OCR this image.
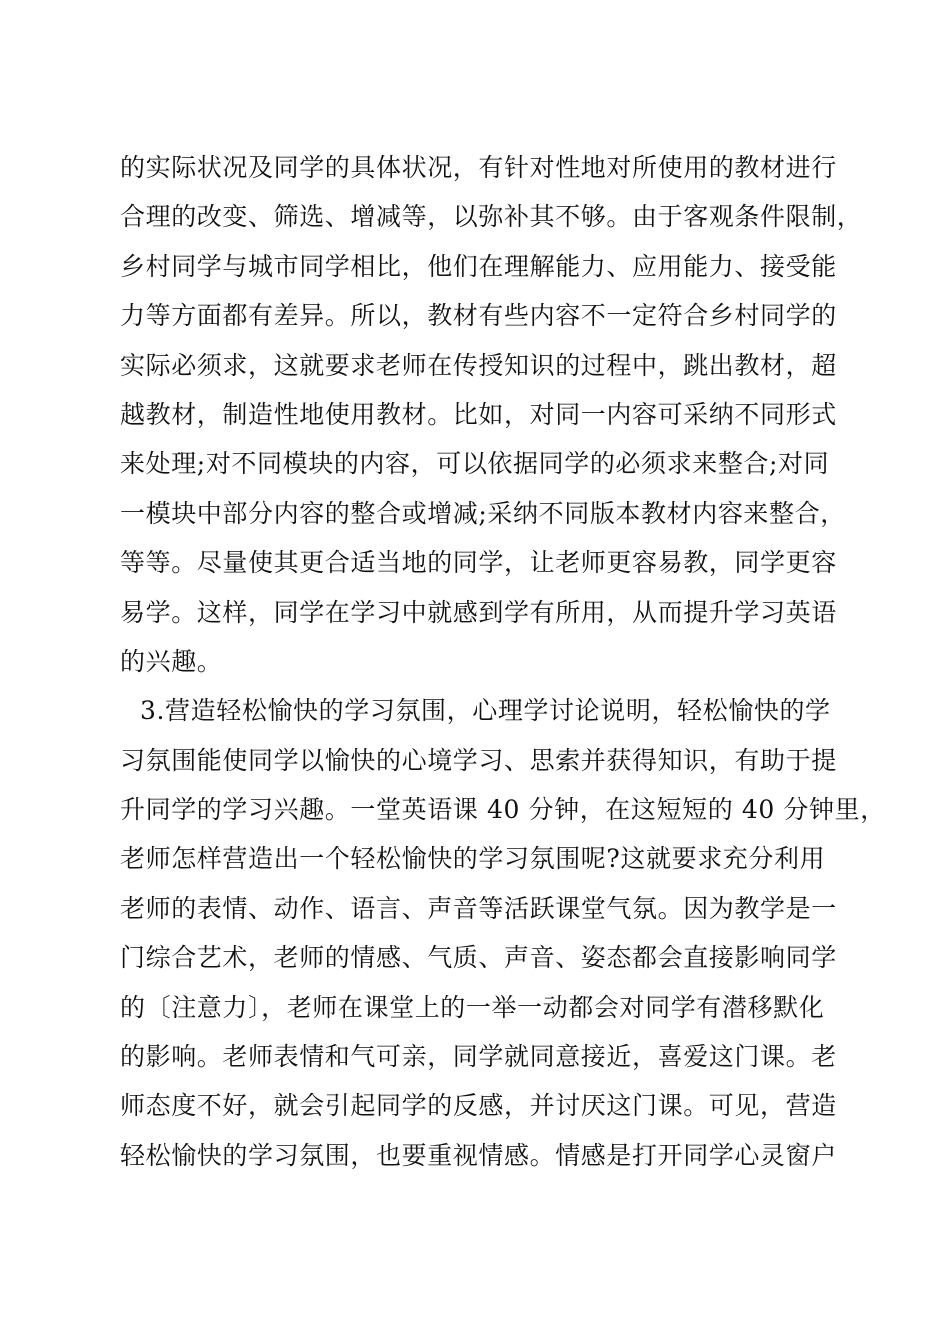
的实际状况及同学的具体状况，有针对性地对所使用的教材进行
合理的改变、筛选、增减等，以弥补其不够。由于客观条件限制，
乡村同学与城市同学相比，他们在理解能力、应用能力、接受能
力等方面都有差异。所以，教材有些内容不一定符合乡村同学的
实际必须求，这就要求老师在传授知识的过程中，跳出教材，超
越教材，制造性地使用教材。比如，对同一内容可采纳不同形式
来处理;对不同模块的内容，可以依据同学的必须求来整合;对同
一模块中部分内容的整合或增减;采纳不同版本教材内容来整合，
等等。尽量使其更合适当地的同学，让老师更容易教，同学更容
易学。这样，同学在学习中就感到学有所用，从而提升学习英语
的兴趣。
3.营造轻松愉快的学习氛围，心理学讨论说明，轻松愉快的学
习氛围能使同学以愉快的心境学习、思索并获得知识，有助于提
升同学的学习兴趣。一堂英语课 40 分钟，在这短短的 40 分钟里，
老师怎样营造出一个轻松愉快的学习氛围呢?这就要求充分利用
老师的表情、动作、语言、声音等活跃课堂气氛。因为教学是一
门综合艺术，老师的情感、气质、声音、姿态都会直接影响同学
的〔注意力〕，老师在课堂上的一举一动都会对同学有潜移默化
的影响。老师表情和气可亲，同学就同意接近，喜爱这门课。老
师态度不好，就会引起同学的反感，并讨厌这门课。可见，营造
轻松愉快的学习氛围，也要重视情感。情感是打开同学心灵窗户
